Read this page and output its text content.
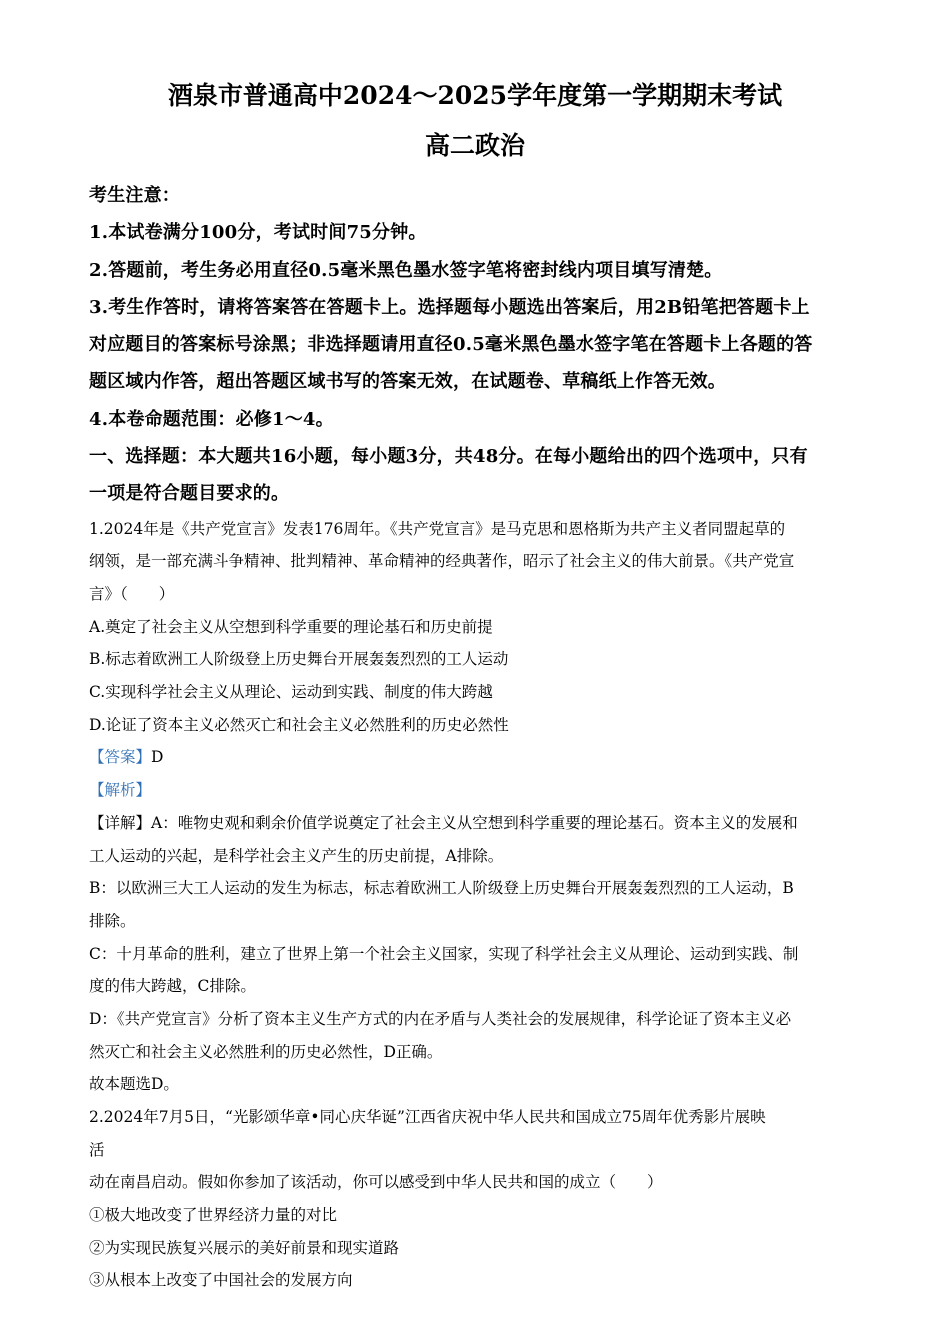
酒泉市普通高中2024～2025学年度第一学期期末考试
高二政治
考生注意：
1.本试卷满分100分，考试时间75分钟。
2.答题前，考生务必用直径0.5毫米黑色墨水签字笔将密封线内项目填写清楚。
3.考生作答时，请将答案答在答题卡上。选择题每小题选出答案后，用2B铅笔把答题卡上
对应题目的答案标号涂黑；非选择题请用直径0.5毫米黑色墨水签字笔在答题卡上各题的答
题区域内作答，超出答题区域书写的答案无效，在试题卷、草稿纸上作答无效。
4.本卷命题范围：必修1～4。
一、选择题：本大题共16小题，每小题3分，共48分。在每小题给出的四个选项中，只有
一项是符合题目要求的。
1.2024年是《共产党宣言》发表176周年。《共产党宣言》是马克思和恩格斯为共产主义者同盟起草的
纲领，是一部充满斗争精神、批判精神、革命精神的经典著作，昭示了社会主义的伟大前景。《共产党宣
言》（　　）
A.奠定了社会主义从空想到科学重要的理论基石和历史前提
B.标志着欧洲工人阶级登上历史舞台开展轰轰烈烈的工人运动
C.实现科学社会主义从理论、运动到实践、制度的伟大跨越
D.论证了资本主义必然灭亡和社会主义必然胜利的历史必然性
【答案】D
【解析】
【详解】A：唯物史观和剩余价值学说奠定了社会主义从空想到科学重要的理论基石。资本主义的发展和
工人运动的兴起，是科学社会主义产生的历史前提，A排除。
B：以欧洲三大工人运动的发生为标志，标志着欧洲工人阶级登上历史舞台开展轰轰烈烈的工人运动，B
排除。
C：十月革命的胜利，建立了世界上第一个社会主义国家，实现了科学社会主义从理论、运动到实践、制
度的伟大跨越，C排除。
D：《共产党宣言》分析了资本主义生产方式的内在矛盾与人类社会的发展规律，科学论证了资本主义必
然灭亡和社会主义必然胜利的历史必然性，D正确。
故本题选D。
2.2024年7月5日，“光影颂华章•同心庆华诞”江西省庆祝中华人民共和国成立75周年优秀影片展映
活
动在南昌启动。假如你参加了该活动，你可以感受到中华人民共和国的成立（　　）
①极大地改变了世界经济力量的对比
②为实现民族复兴展示的美好前景和现实道路
③从根本上改变了中国社会的发展方向
